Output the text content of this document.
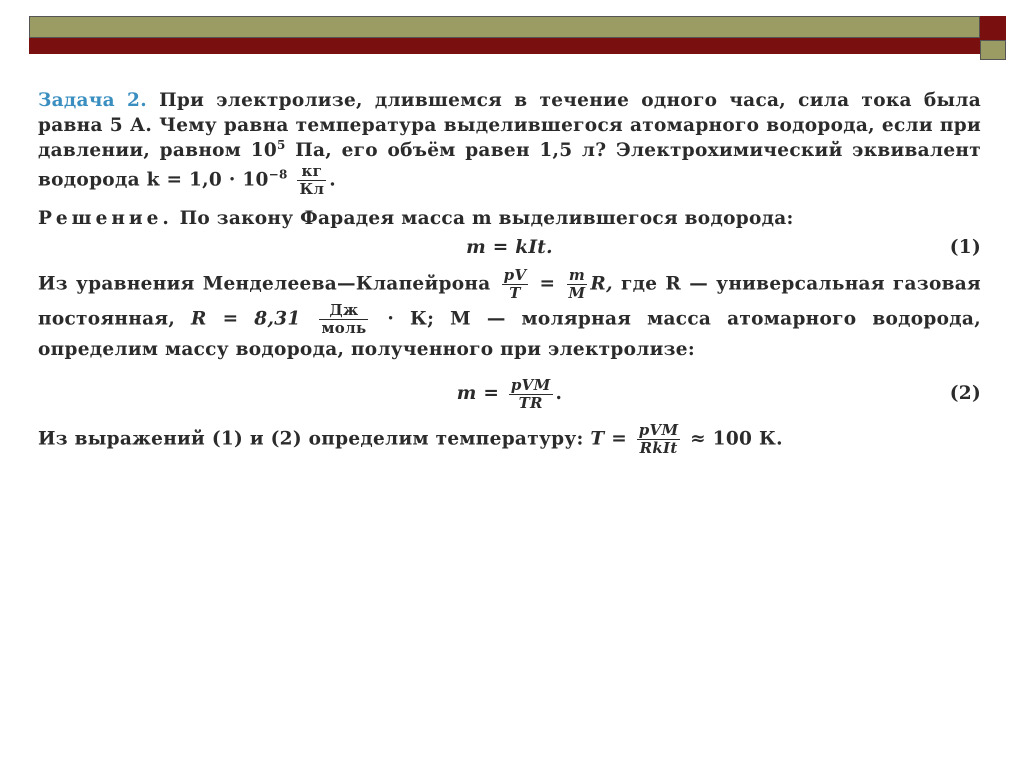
Задача 2. При электролизе, длившемся в течение одного часа, сила тока была равна 5 А. Чему равна температура выделившегося атомарного водорода, если при давлении, равном $10^5$ Па, его объём равен 1,5 л? Электрохимический эквивалент водорода $k = 1,0 \cdot 10^{-8} \frac{кг}{Кл}$ .
Решение. По закону Фарадея масса m выделившегося водорода:
m = kIt.	(1)
Из уравнения Менделеева—Клапейрона $\frac{pV}{T} = \frac{m}{M} R$, где R — универсальная газовая постоянная, $R = 8,31 \frac{Дж}{\text{моль}} \cdot К$; M — молярная масса атомарного водорода, определим массу водорода, полученного при электролизе:
$m = \frac{\text{pVM}}{TR}$ .	(2)
Из выражений (1) и (2) определим температуру: $T = \frac{\text{pVM}}{\text{RkIt}} \approx 100$ К.
